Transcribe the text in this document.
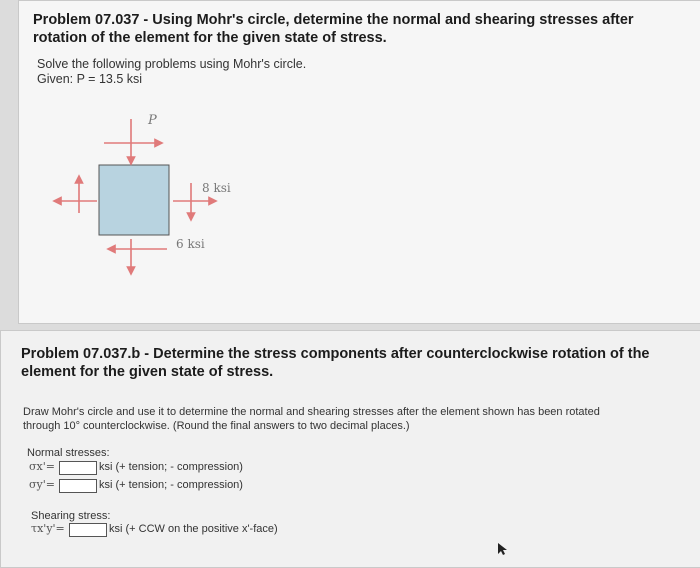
Problem 07.037 - Using Mohr's circle, determine the normal and shearing stresses after
rotation of the element for the given state of stress.
Solve the following problems using Mohr's circle.
Given: P = 13.5 ksi
P
8 ksi
6 ksi
Problem 07.037.b - Determine the stress components after counterclockwise rotation of the
element for the given state of stress.
Draw Mohr's circle and use it to determine the normal and shearing stresses after the element shown has been rotated
through 10° counterclockwise. (Round the final answers to two decimal places.)
Normal stresses:
σx'=	ksi (+ tension; - compression)
σy'=	ksi (+ tension; - compression)
Shearing stress:
τx'y'=	ksi (+ CCW on the positive x'-face)
